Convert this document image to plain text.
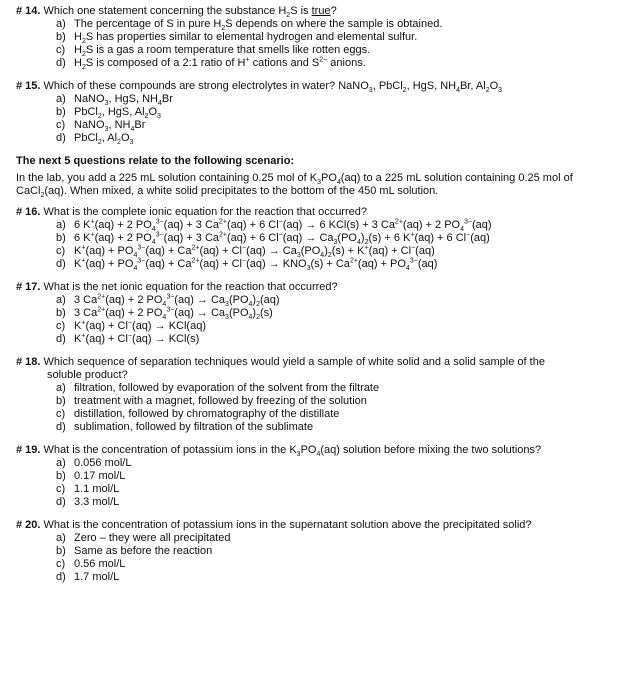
# 14. Which one statement concerning the substance $H_2S$ is true?
a) The percentage of S in pure $H_2S$ depends on where the sample is obtained.
b) $H_2S$ has properties similar to elemental hydrogen and elemental sulfur.
c) $H_2S$ is a gas a room temperature that smells like rotten eggs.
d) $H_2S$ is composed of a 2:1 ratio of H+ cations and $S^{2-}$ anions.
# 15. Which of these compounds are strong electrolytes in water? NaNO$_3$, PbCl$_2$, HgS, $NH_4Br$, $Al_2O_3$
a) NaNO$_3$, HgS, $NH_4Br$
b) PbCl$_2$, HgS, $Al_2O_3$
c) NaNO$_3$, $NH_4Br$
d) PbCl$_2$, $Al_2O_3$
The next 5 questions relate to the following scenario:
In the lab, you add a 225 mL solution containing 0.25 mol of $K_3PO_4(aq)$ to a 225 mL solution containing 0.25 mol of CaCl$_2$(aq). When mixed, a white solid precipitates to the bottom of the 450 mL solution.
# 16. What is the complete ionic equation for the reaction that occurred?
a) 6 K+(aq) + 2 $PO_4^{3-}(aq) + 3$ $Ca^{2+}(aq) + 6$ Cl−(aq) → 6 KCl(s) + 3 $Ca^{2+}(aq) + 2$ $PO_4^{3-}(aq)$
b) 6 K+(aq) + 2 $PO_4^{3-}(aq) + 3$ $Ca^{2+}(aq) + 6$ $Cl^-(aq) \to Ca_3(PO_4)_2(s) + 6$ K+(aq) + 6 Cl−(aq)
c) $K^+(aq) + PO_4^{3-}(aq) + Ca^{2+}(aq) + Cl^-(aq) \to Ca_3(PO_4)_2(s) + K^+(aq) + Cl^-(aq)$
d) $K^+(aq) + PO_4^{3-}(aq) + Ca^{2+}(aq) + Cl^-(aq) \to KNO_3(s) + Ca^{2+}(aq) + PO_4^{3-}(aq)$
# 17. What is the net ionic equation for the reaction that occurred?
a) 3 $Ca^{2+}(aq) + 2$ $PO_4^{3-}(aq) \to Ca_3(PO_4)_2(aq)$
b) 3 $Ca^{2+}(aq) + 2$ $PO_4^{3-}(aq) \to Ca_3(PO_4)_2(s)$
c) K+(aq) + Cl−(aq) → KCl(aq)
d) K+(aq) + Cl−(aq) → KCl(s)
# 18. Which sequence of separation techniques would yield a sample of white solid and a solid sample of the
soluble product?
a) filtration, followed by evaporation of the solvent from the filtrate
b) treatment with a magnet, followed by freezing of the solution
c) distillation, followed by chromatography of the distillate
d) sublimation, followed by filtration of the sublimate
# 19. What is the concentration of potassium ions in the $K_3PO_4(aq)$ solution before mixing the two solutions?
a) 0.056 mol/L
b) 0.17 mol/L
c) 1.1 mol/L
d) 3.3 mol/L
# 20. What is the concentration of potassium ions in the supernatant solution above the precipitated solid?
a) Zero – they were all precipitated
b) Same as before the reaction
c) 0.56 mol/L
d) 1.7 mol/L
